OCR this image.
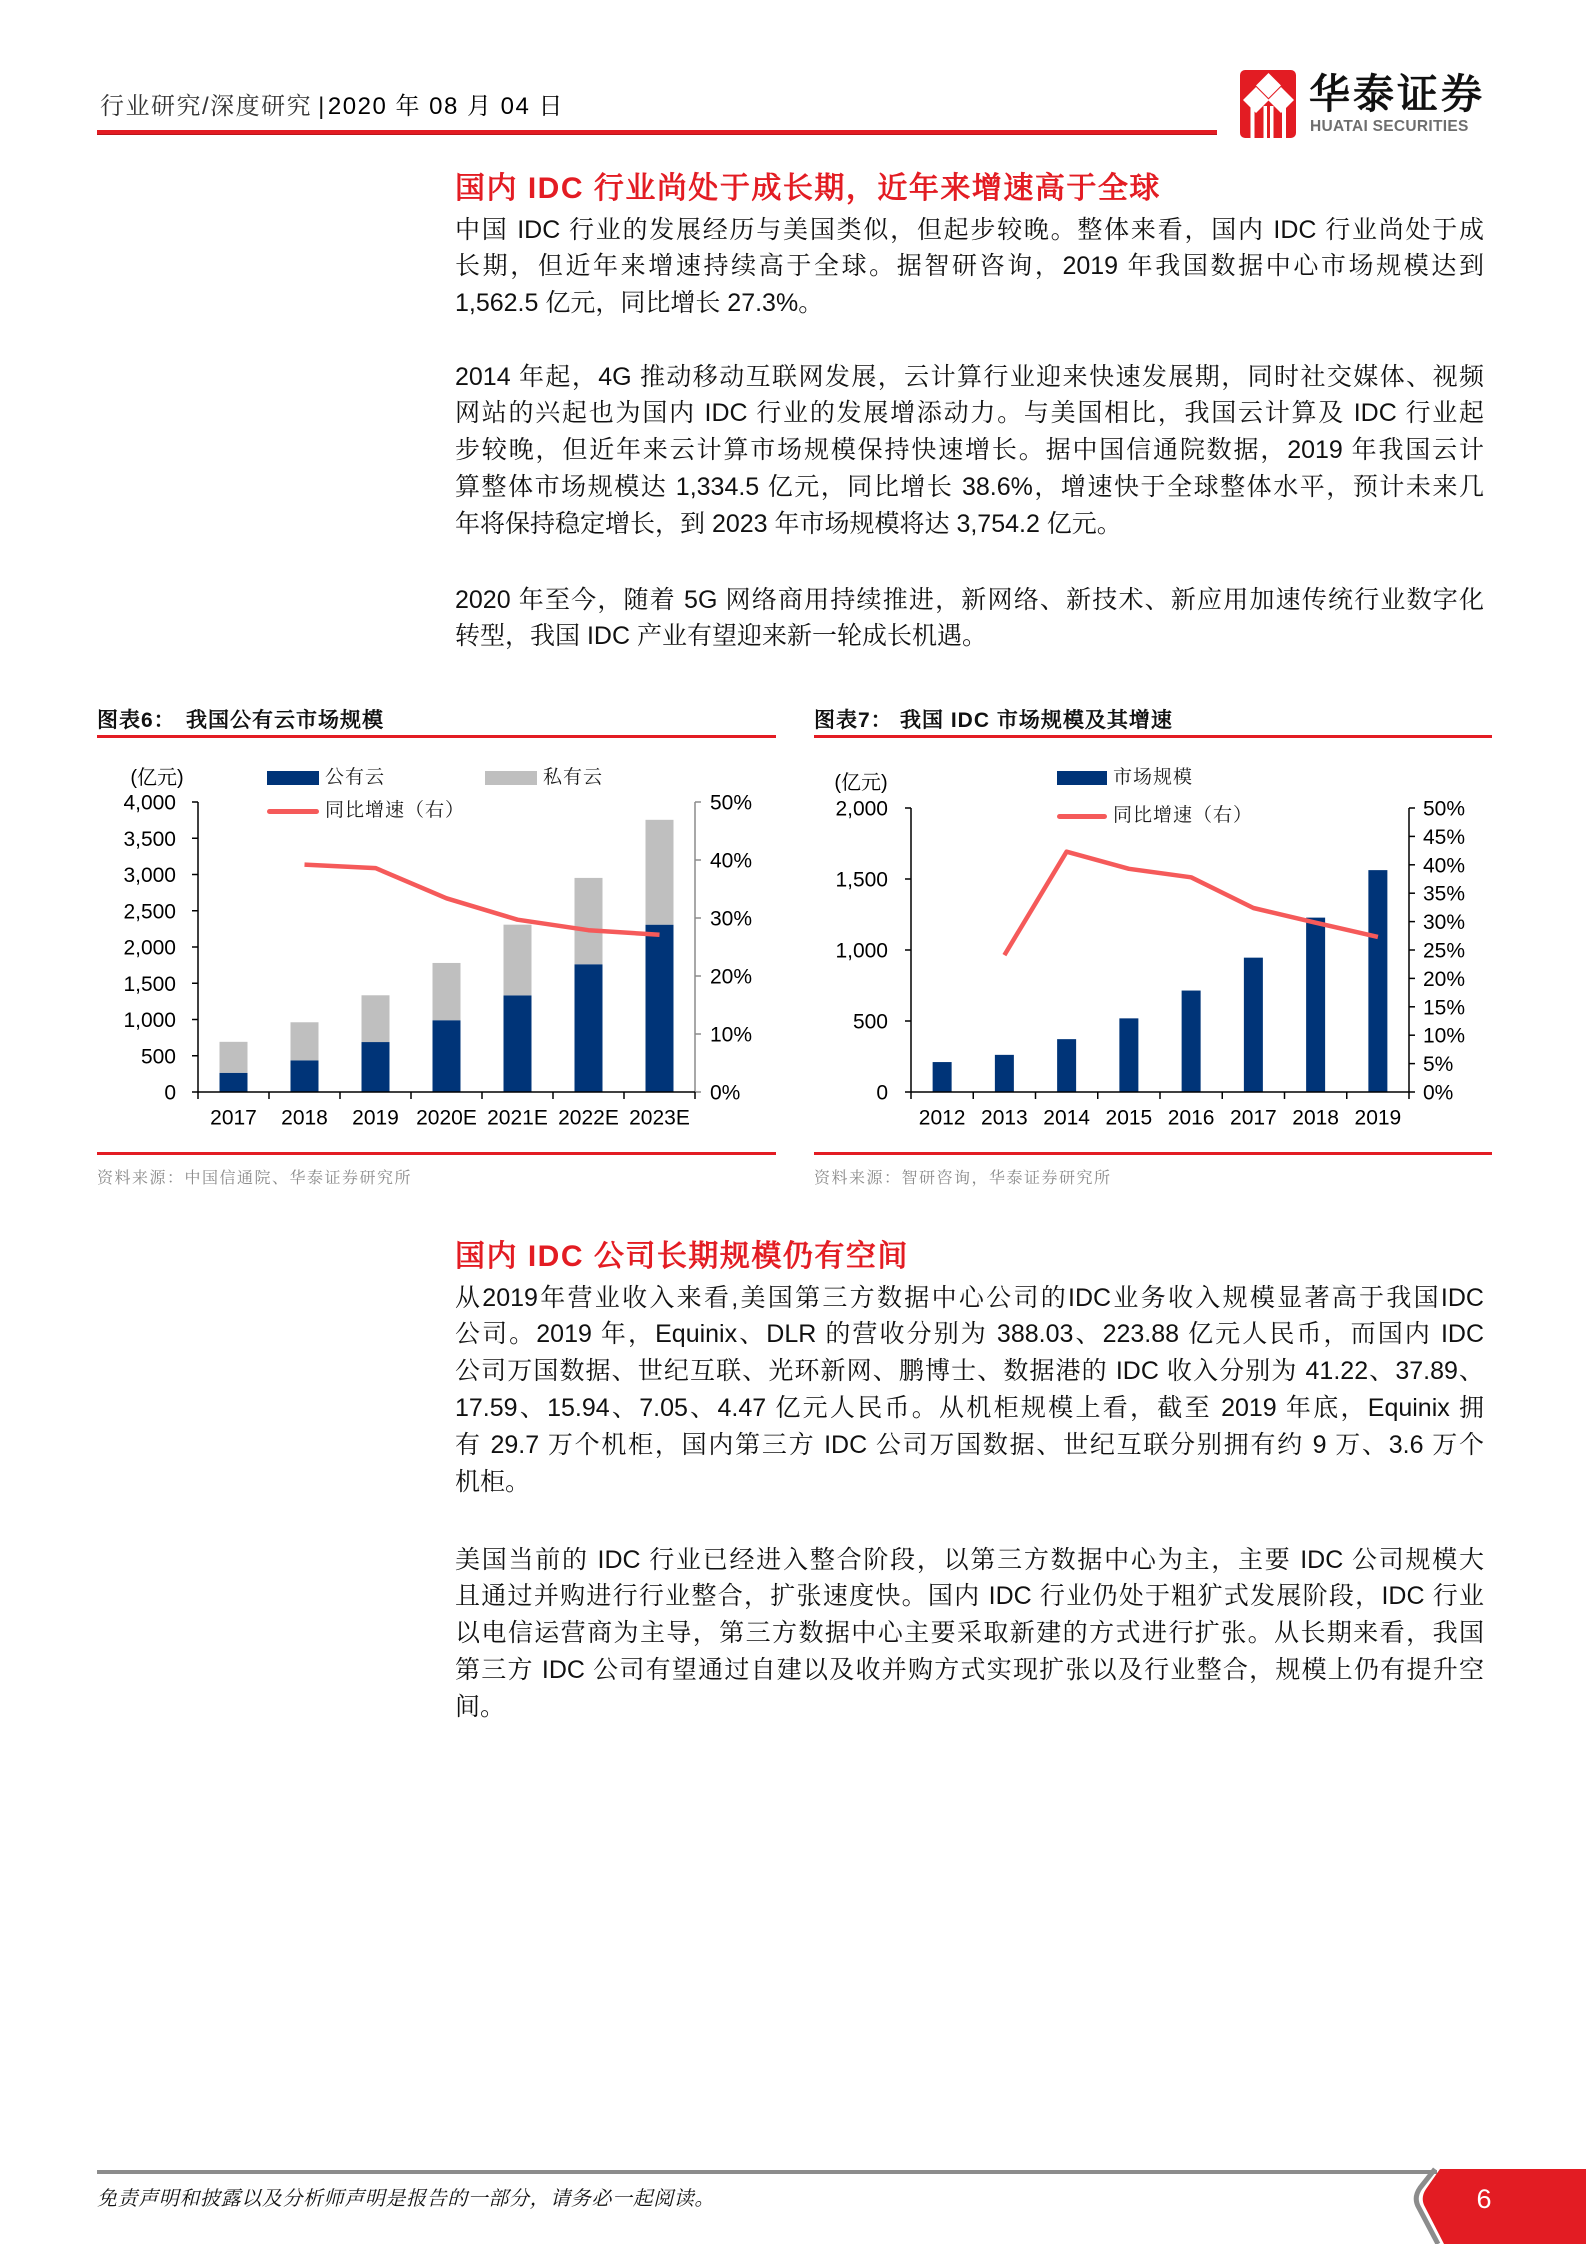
行业研究/深度研究 |2020 年 08 月 04 日	华泰证券
HUATAI SECURITIES
国内 IDC 行业尚处于成长期，近年来增速高于全球
中国 IDC 行业的发展经历与美国类似，但起步较晚。整体来看，国内 IDC 行业尚处于成
长期，但近年来增速持续高于全球。据智研咨询，2019 年我国数据中心市场规模达到
1,562.5 亿元，同比增长 27.3%。
2014 年起，4G 推动移动互联网发展，云计算行业迎来快速发展期，同时社交媒体、视频
网站的兴起也为国内 IDC 行业的发展增添动力。与美国相比，我国云计算及 IDC 行业起
步较晚，但近年来云计算市场规模保持快速增长。据中国信通院数据，2019 年我国云计
算整体市场规模达 1,334.5 亿元，同比增长 38.6%，增速快于全球整体水平，预计未来几
年将保持稳定增长，到 2023 年市场规模将达 3,754.2 亿元。
2020 年至今，随着 5G 网络商用持续推进，新网络、新技术、新应用加速传统行业数字化
转型，我国 IDC 产业有望迎来新一轮成长机遇。
图表6： 我国公有云市场规模
公有云	私有云
同比增速（右）
0
500
1,000
1,500
2,000
2,500
3,000
3,500
4,000
(亿元)
0%
10%
20%
30%
40%
50%
2017 2018 2019 2020E 2021E 2022E 2023E
资料来源：中国信通院、华泰证券研究所
图表7： 我国 IDC 市场规模及其增速
市场规模
同比增速（右）
0
500
1,000
1,500
2,000
(亿元)
0%
5%
10%
15%
20%
25%
30%
35%
40%
45%
50%
2012 2013 2014 2015 2016 2017 2018 2019
资料来源：智研咨询，华泰证券研究所
国内 IDC 公司长期规模仍有空间
从2019年营业收入来看,美国第三方数据中心公司的IDC业务收入规模显著高于我国IDC
公司。2019 年，Equinix、DLR 的营收分别为 388.03、223.88 亿元人民币，而国内 IDC
公司万国数据、世纪互联、光环新网、鹏博士、数据港的 IDC 收入分别为 41.22、37.89、
17.59、15.94、7.05、4.47 亿元人民币。从机柜规模上看，截至 2019 年底，Equinix 拥
有 29.7 万个机柜，国内第三方 IDC 公司万国数据、世纪互联分别拥有约 9 万、3.6 万个
机柜。
美国当前的 IDC 行业已经进入整合阶段，以第三方数据中心为主，主要 IDC 公司规模大
且通过并购进行行业整合，扩张速度快。国内 IDC 行业仍处于粗犷式发展阶段，IDC 行业
以电信运营商为主导，第三方数据中心主要采取新建的方式进行扩张。从长期来看，我国
第三方 IDC 公司有望通过自建以及收并购方式实现扩张以及行业整合，规模上仍有提升空
间。
免责声明和披露以及分析师声明是报告的一部分，请务必一起阅读。	6
